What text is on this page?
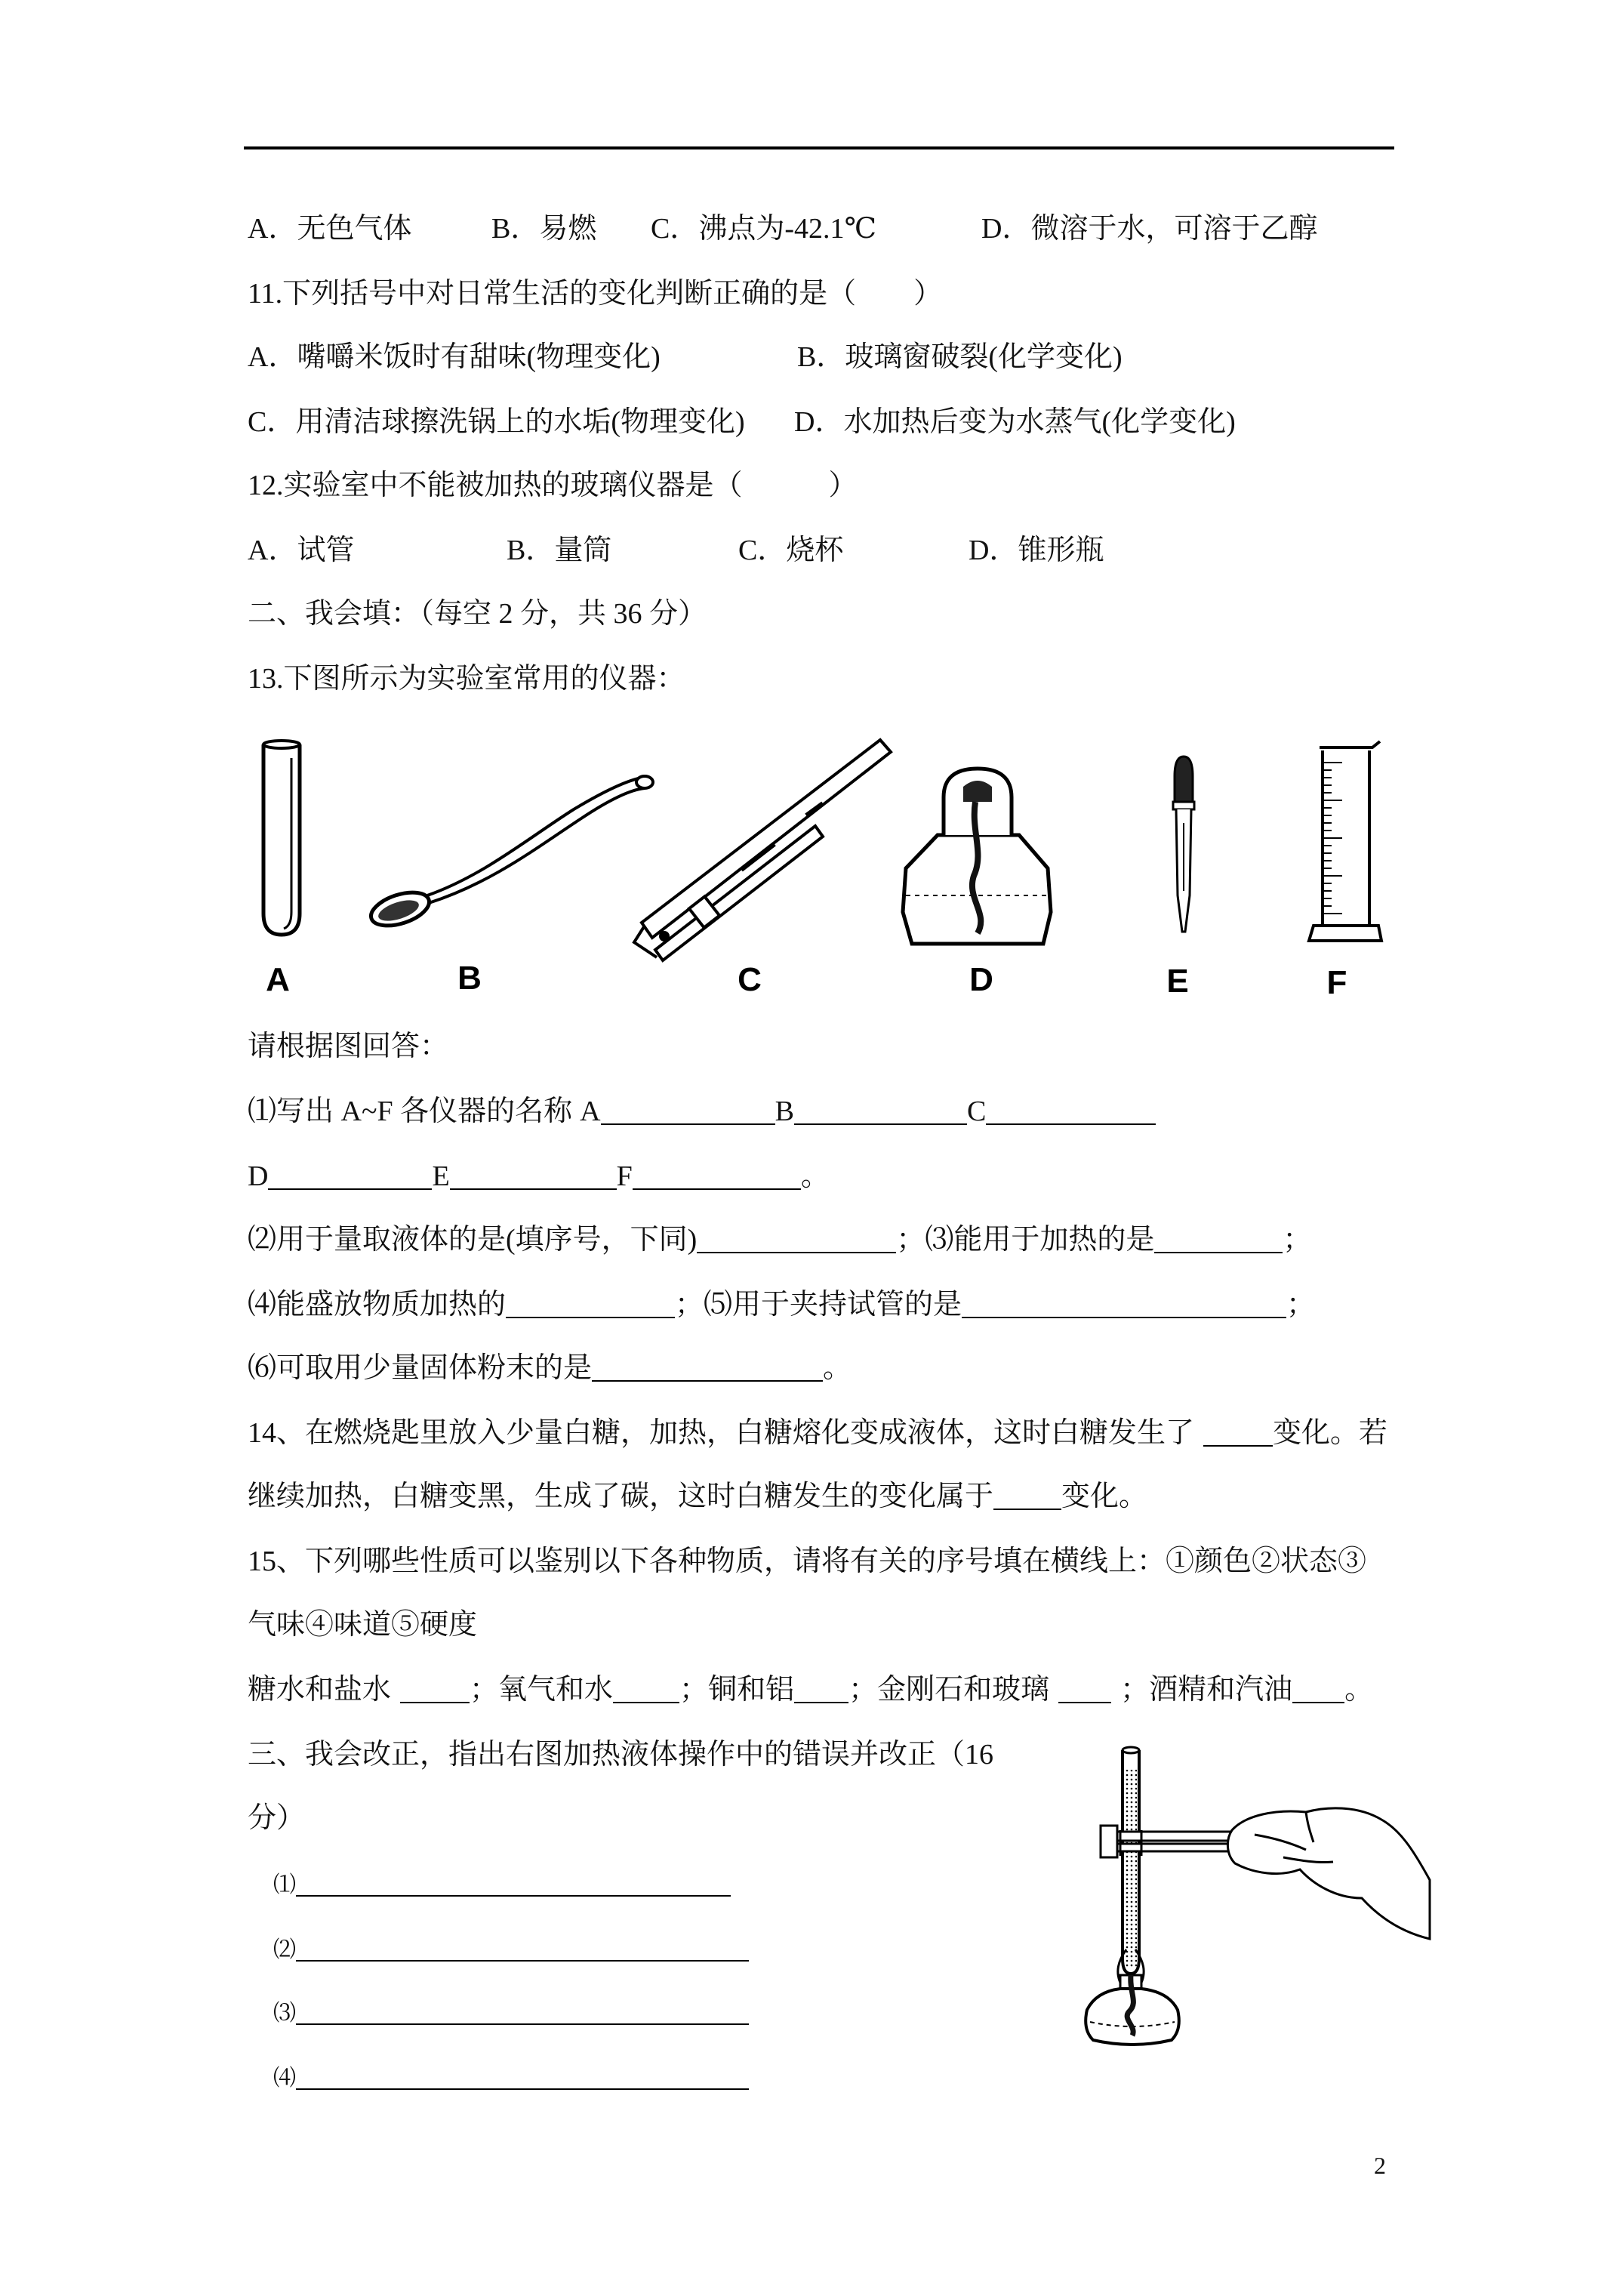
A．无色气体	B．易燃 C．沸点为-42.1℃	D．微溶于水，可溶于乙醇
11.下列括号中对日常生活的变化判断正确的是（　　）
A．嘴嚼米饭时有甜味(物理变化)	B．玻璃窗破裂(化学变化)
C．用清洁球擦洗锅上的水垢(物理变化) D．水加热后变为水蒸气(化学变化)
12.实验室中不能被加热的玻璃仪器是（　　　）
A．试管	B．量筒	C．烧杯	D．锥形瓶
二、我会填：（每空 2 分，共 36 分）
13.下图所示为实验室常用的仪器：
A	B	C	D	E	F
请根据图回答：
⑴写出 A~F 各仪器的名称 A	B	C
D	E	F	。
⑵用于量取液体的是(填序号，下同)	；⑶能用于加热的是	；
⑷能盛放物质加热的	；⑸用于夹持试管的是	；
⑹可取用少量固体粉末的是	。
14、在燃烧匙里放入少量白糖，加热，白糖熔化变成液体，这时白糖发生了	变化。若
继续加热，白糖变黑，生成了碳，这时白糖发生的变化属于 变化。
15、下列哪些性质可以鉴别以下各种物质，请将有关的序号填在横线上：①颜色②状态③
气味④味道⑤硬度
糖水和盐水	；氧气和水 ；铜和铝 ；金刚石和玻璃 ；酒精和汽油 。
三、我会改正，指出右图加热液体操作中的错误并改正（16
分）
⑴
⑵
⑶
⑷
2
